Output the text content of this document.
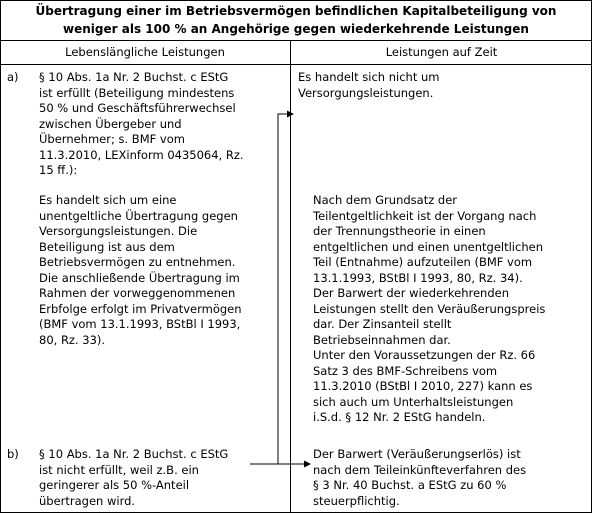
Übertragung einer im Betriebsvermögen befindlichen Kapitalbeteiligung von
weniger als 100 % an Angehörige gegen wiederkehrende Leistungen
Lebenslängliche Leistungen	Leistungen auf Zeit
a) § 10 Abs. 1a Nr. 2 Buchst. c EStG
ist erfüllt (Beteiligung mindestens
50 % und Geschäftsführerwechsel
zwischen Übergeber und
Übernehmer; s. BMF vom
11.3.2010, LEXinform 0435064, Rz.
15 ff.):
Es handelt sich um eine
unentgeltliche Übertragung gegen
Versorgungsleistungen. Die
Beteiligung ist aus dem
Betriebsvermögen zu entnehmen.
Die anschließende Übertragung im
Rahmen der vorweggenommenen
Erbfolge erfolgt im Privatvermögen
(BMF vom 13.1.1993, BStBl I 1993,
80, Rz. 33).
Es handelt sich nicht um
Versorgungsleistungen.
Nach dem Grundsatz der
Teilentgeltlichkeit ist der Vorgang nach
der Trennungstheorie in einen
entgeltlichen und einen unentgeltlichen
Teil (Entnahme) aufzuteilen (BMF vom
13.1.1993, BStBl I 1993, 80, Rz. 34).
Der Barwert der wiederkehrenden
Leistungen stellt den Veräußerungspreis
dar. Der Zinsanteil stellt
Betriebseinnahmen dar.
Unter den Voraussetzungen der Rz. 66
Satz 3 des BMF-Schreibens vom
11.3.2010 (BStBl I 2010, 227) kann es
sich auch um Unterhaltsleistungen
i.S.d. § 12 Nr. 2 EStG handeln.
b) § 10 Abs. 1a Nr. 2 Buchst. c EStG
ist nicht erfüllt, weil z.B. ein
geringerer als 50 %-Anteil
übertragen wird.
Der Barwert (Veräußerungserlös) ist
nach dem Teileinkünfteverfahren des
§ 3 Nr. 40 Buchst. a EStG zu 60 %
steuerpflichtig.
